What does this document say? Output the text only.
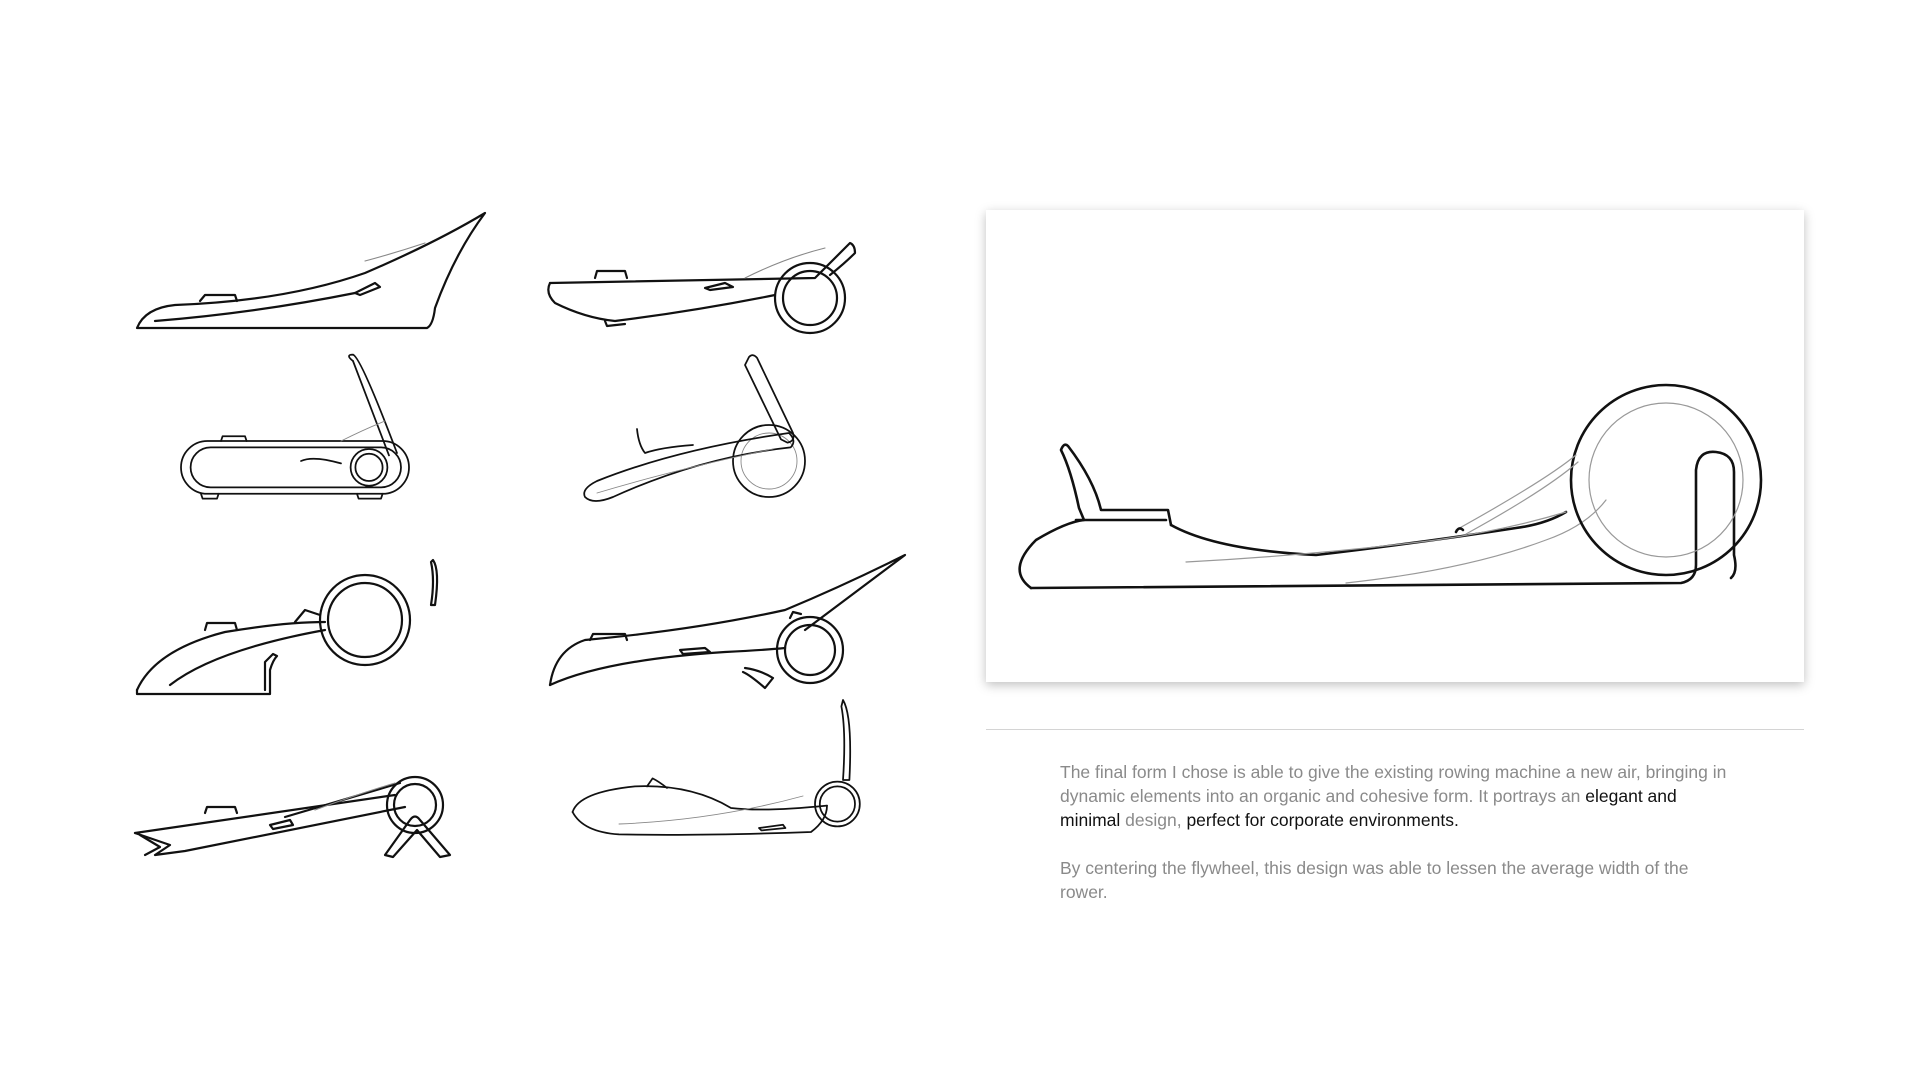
The final form I chose is able to give the existing rowing machine a new air, bringing in dynamic elements into an organic and cohesive form. It portrays an elegant and minimal design, perfect for corporate environments.

By centering the flywheel, this design was able to lessen the average width of the rower.
